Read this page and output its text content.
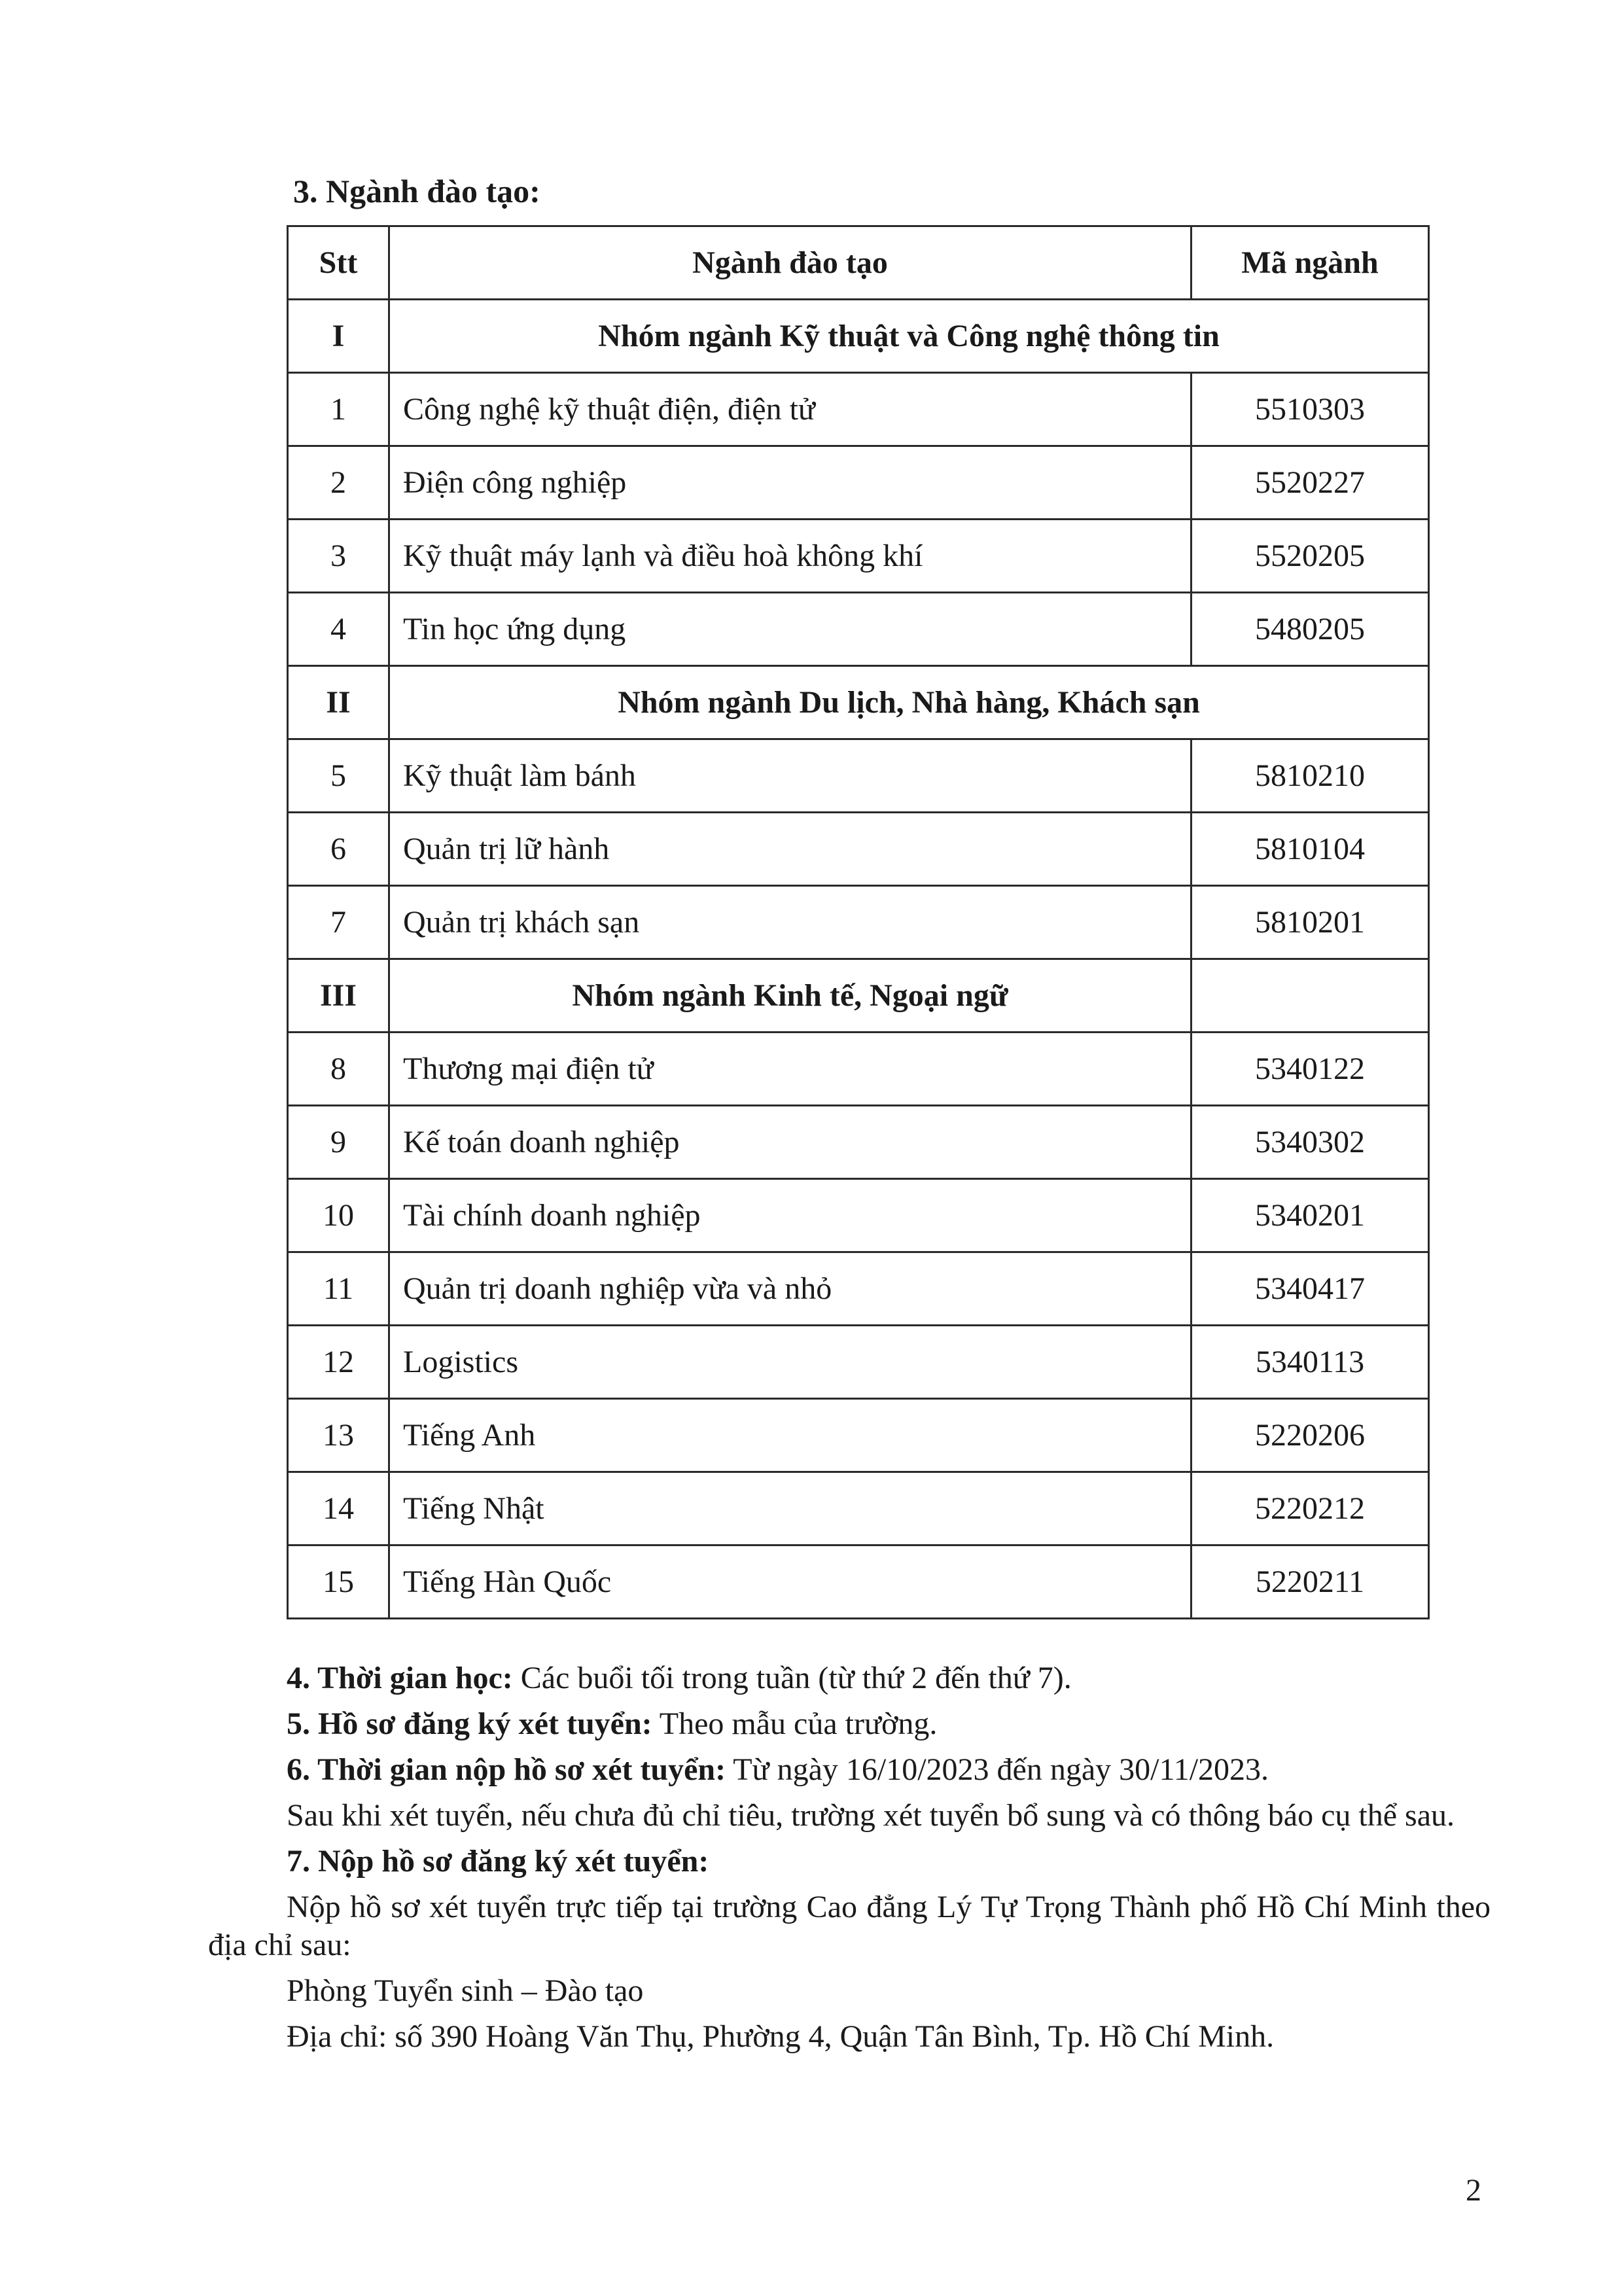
3. Ngành đào tạo:
Stt	Ngành đào tạo	Mã ngành
I	Nhóm ngành Kỹ thuật và Công nghệ thông tin	
1	Công nghệ kỹ thuật điện, điện tử	5510303
2	Điện công nghiệp	5520227
3	Kỹ thuật máy lạnh và điều hoà không khí	5520205
4	Tin học ứng dụng	5480205
II	Nhóm ngành Du lịch, Nhà hàng, Khách sạn	
5	Kỹ thuật làm bánh	5810210
6	Quản trị lữ hành	5810104
7	Quản trị khách sạn	5810201
III	Nhóm ngành Kinh tế, Ngoại ngữ	
8	Thương mại điện tử	5340122
9	Kế toán doanh nghiệp	5340302
10	Tài chính doanh nghiệp	5340201
11	Quản trị doanh nghiệp vừa và nhỏ	5340417
12	Logistics	5340113
13	Tiếng Anh	5220206
14	Tiếng Nhật	5220212
15	Tiếng Hàn Quốc	5220211

4. Thời gian học: Các buổi tối trong tuần (từ thứ 2 đến thứ 7).

5. Hồ sơ đăng ký xét tuyển: Theo mẫu của trường.

6. Thời gian nộp hồ sơ xét tuyển: Từ ngày 16/10/2023 đến ngày 30/11/2023.

Sau khi xét tuyển, nếu chưa đủ chỉ tiêu, trường xét tuyển bổ sung và có thông báo cụ thể sau.

7. Nộp hồ sơ đăng ký xét tuyển:

Nộp hồ sơ xét tuyển trực tiếp tại trường Cao đẳng Lý Tự Trọng Thành phố Hồ Chí Minh theo địa chỉ sau:

Phòng Tuyển sinh – Đào tạo

Địa chỉ: số 390 Hoàng Văn Thụ, Phường 4, Quận Tân Bình, Tp. Hồ Chí Minh.

2
